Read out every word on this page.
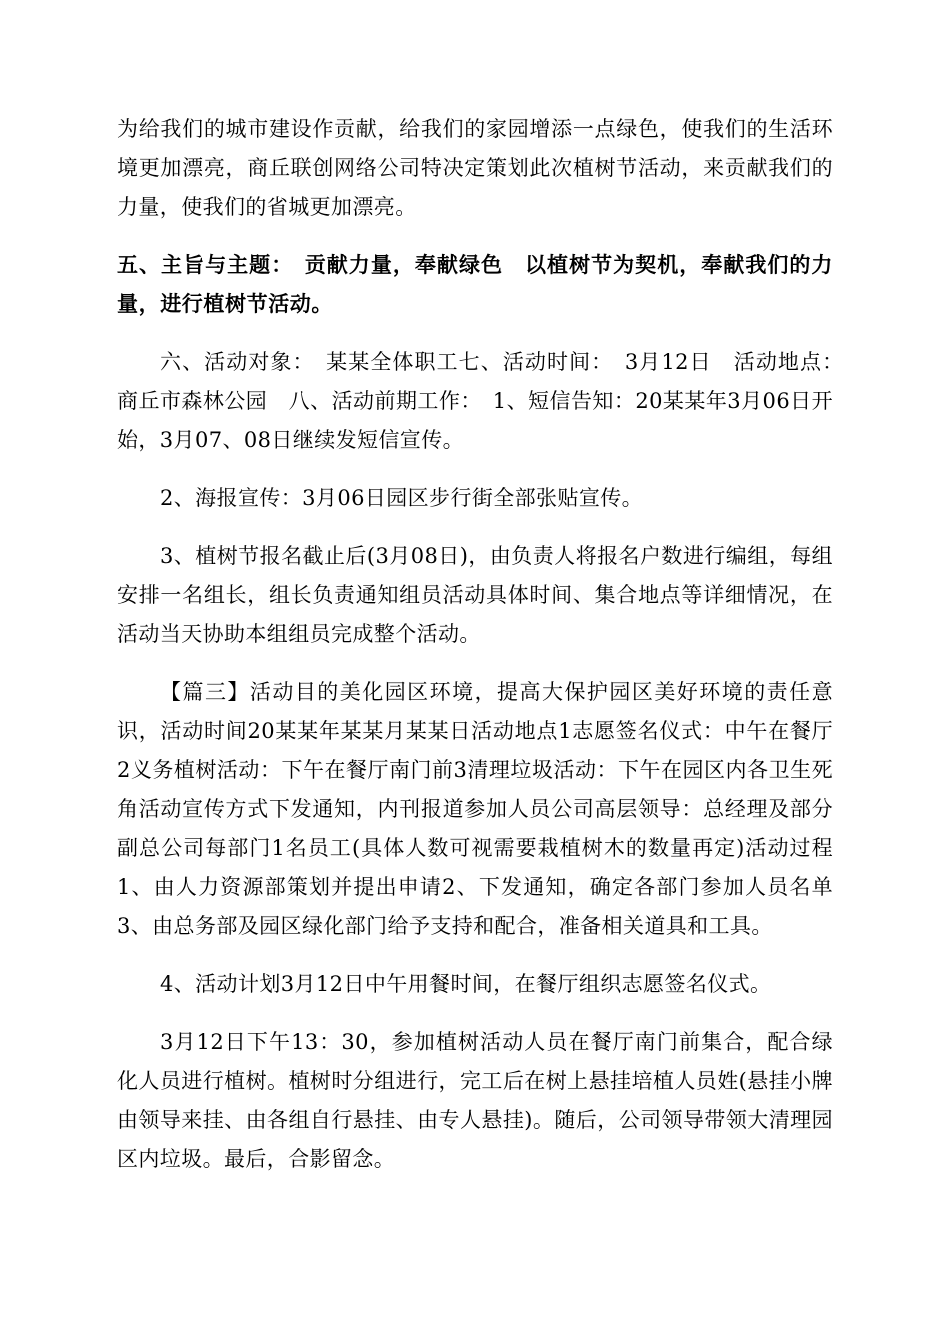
为给我们的城市建设作贡献，给我们的家园增添一点绿色，使我们的生活环境更加漂亮，商丘联创网络公司特决定策划此次植树节活动，来贡献我们的力量，使我们的省城更加漂亮。

五、主旨与主题：　贡献力量，奉献绿色　以植树节为契机，奉献我们的力量，进行植树节活动。

六、活动对象：　某某全体职工七、活动时间：　3月12日　活动地点：　商丘市森林公园　八、活动前期工作：　1、短信告知：20某某年3月06日开始，3月07、08日继续发短信宣传。

2、海报宣传：3月06日园区步行街全部张贴宣传。

3、植树节报名截止后(3月08日)，由负责人将报名户数进行编组，每组安排一名组长，组长负责通知组员活动具体时间、集合地点等详细情况，在活动当天协助本组组员完成整个活动。

【篇三】活动目的美化园区环境，提高大保护园区美好环境的责任意识，活动时间20某某年某某月某某日活动地点1志愿签名仪式：中午在餐厅2义务植树活动：下午在餐厅南门前3清理垃圾活动：下午在园区内各卫生死角活动宣传方式下发通知，内刊报道参加人员公司高层领导：总经理及部分副总公司每部门1名员工(具体人数可视需要栽植树木的数量再定)活动过程1、由人力资源部策划并提出申请2、下发通知，确定各部门参加人员名单3、由总务部及园区绿化部门给予支持和配合，准备相关道具和工具。

4、活动计划3月12日中午用餐时间，在餐厅组织志愿签名仪式。

3月12日下午13：30，参加植树活动人员在餐厅南门前集合，配合绿化人员进行植树。植树时分组进行，完工后在树上悬挂培植人员姓(悬挂小牌由领导来挂、由各组自行悬挂、由专人悬挂)。随后，公司领导带领大清理园区内垃圾。最后，合影留念。
